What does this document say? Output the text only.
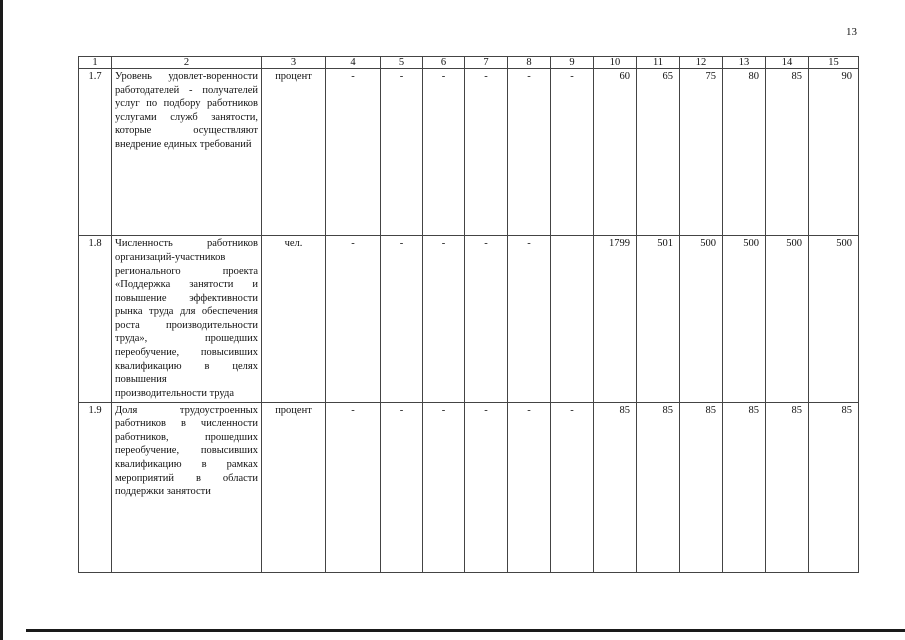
13
1	2	3	4	5	6	7	8	9	10	11	12	13	14	15
1.7	Уровень удовлет-воренности работодателей - получателей услуг по подбору работников услугами служб занятости, которые осуществляют внедрение единых требований	процент	-	-	-	-	-	-	60	65	75	80	85	90
1.8	Численность работников организаций-участников регионального проекта «Поддержка занятости и повышение эффективности рынка труда для обеспечения роста производительности труда», прошедших переобучение, повысивших квалификацию в целях повышения производительности труда	чел.	-	-	-	-	-		1799	501	500	500	500	500
1.9	Доля трудоустроенных работников в численности работников, прошедших переобучение, повысивших квалификацию в рамках мероприятий в области поддержки занятости	процент	-	-	-	-	-	-	85	85	85	85	85	85
